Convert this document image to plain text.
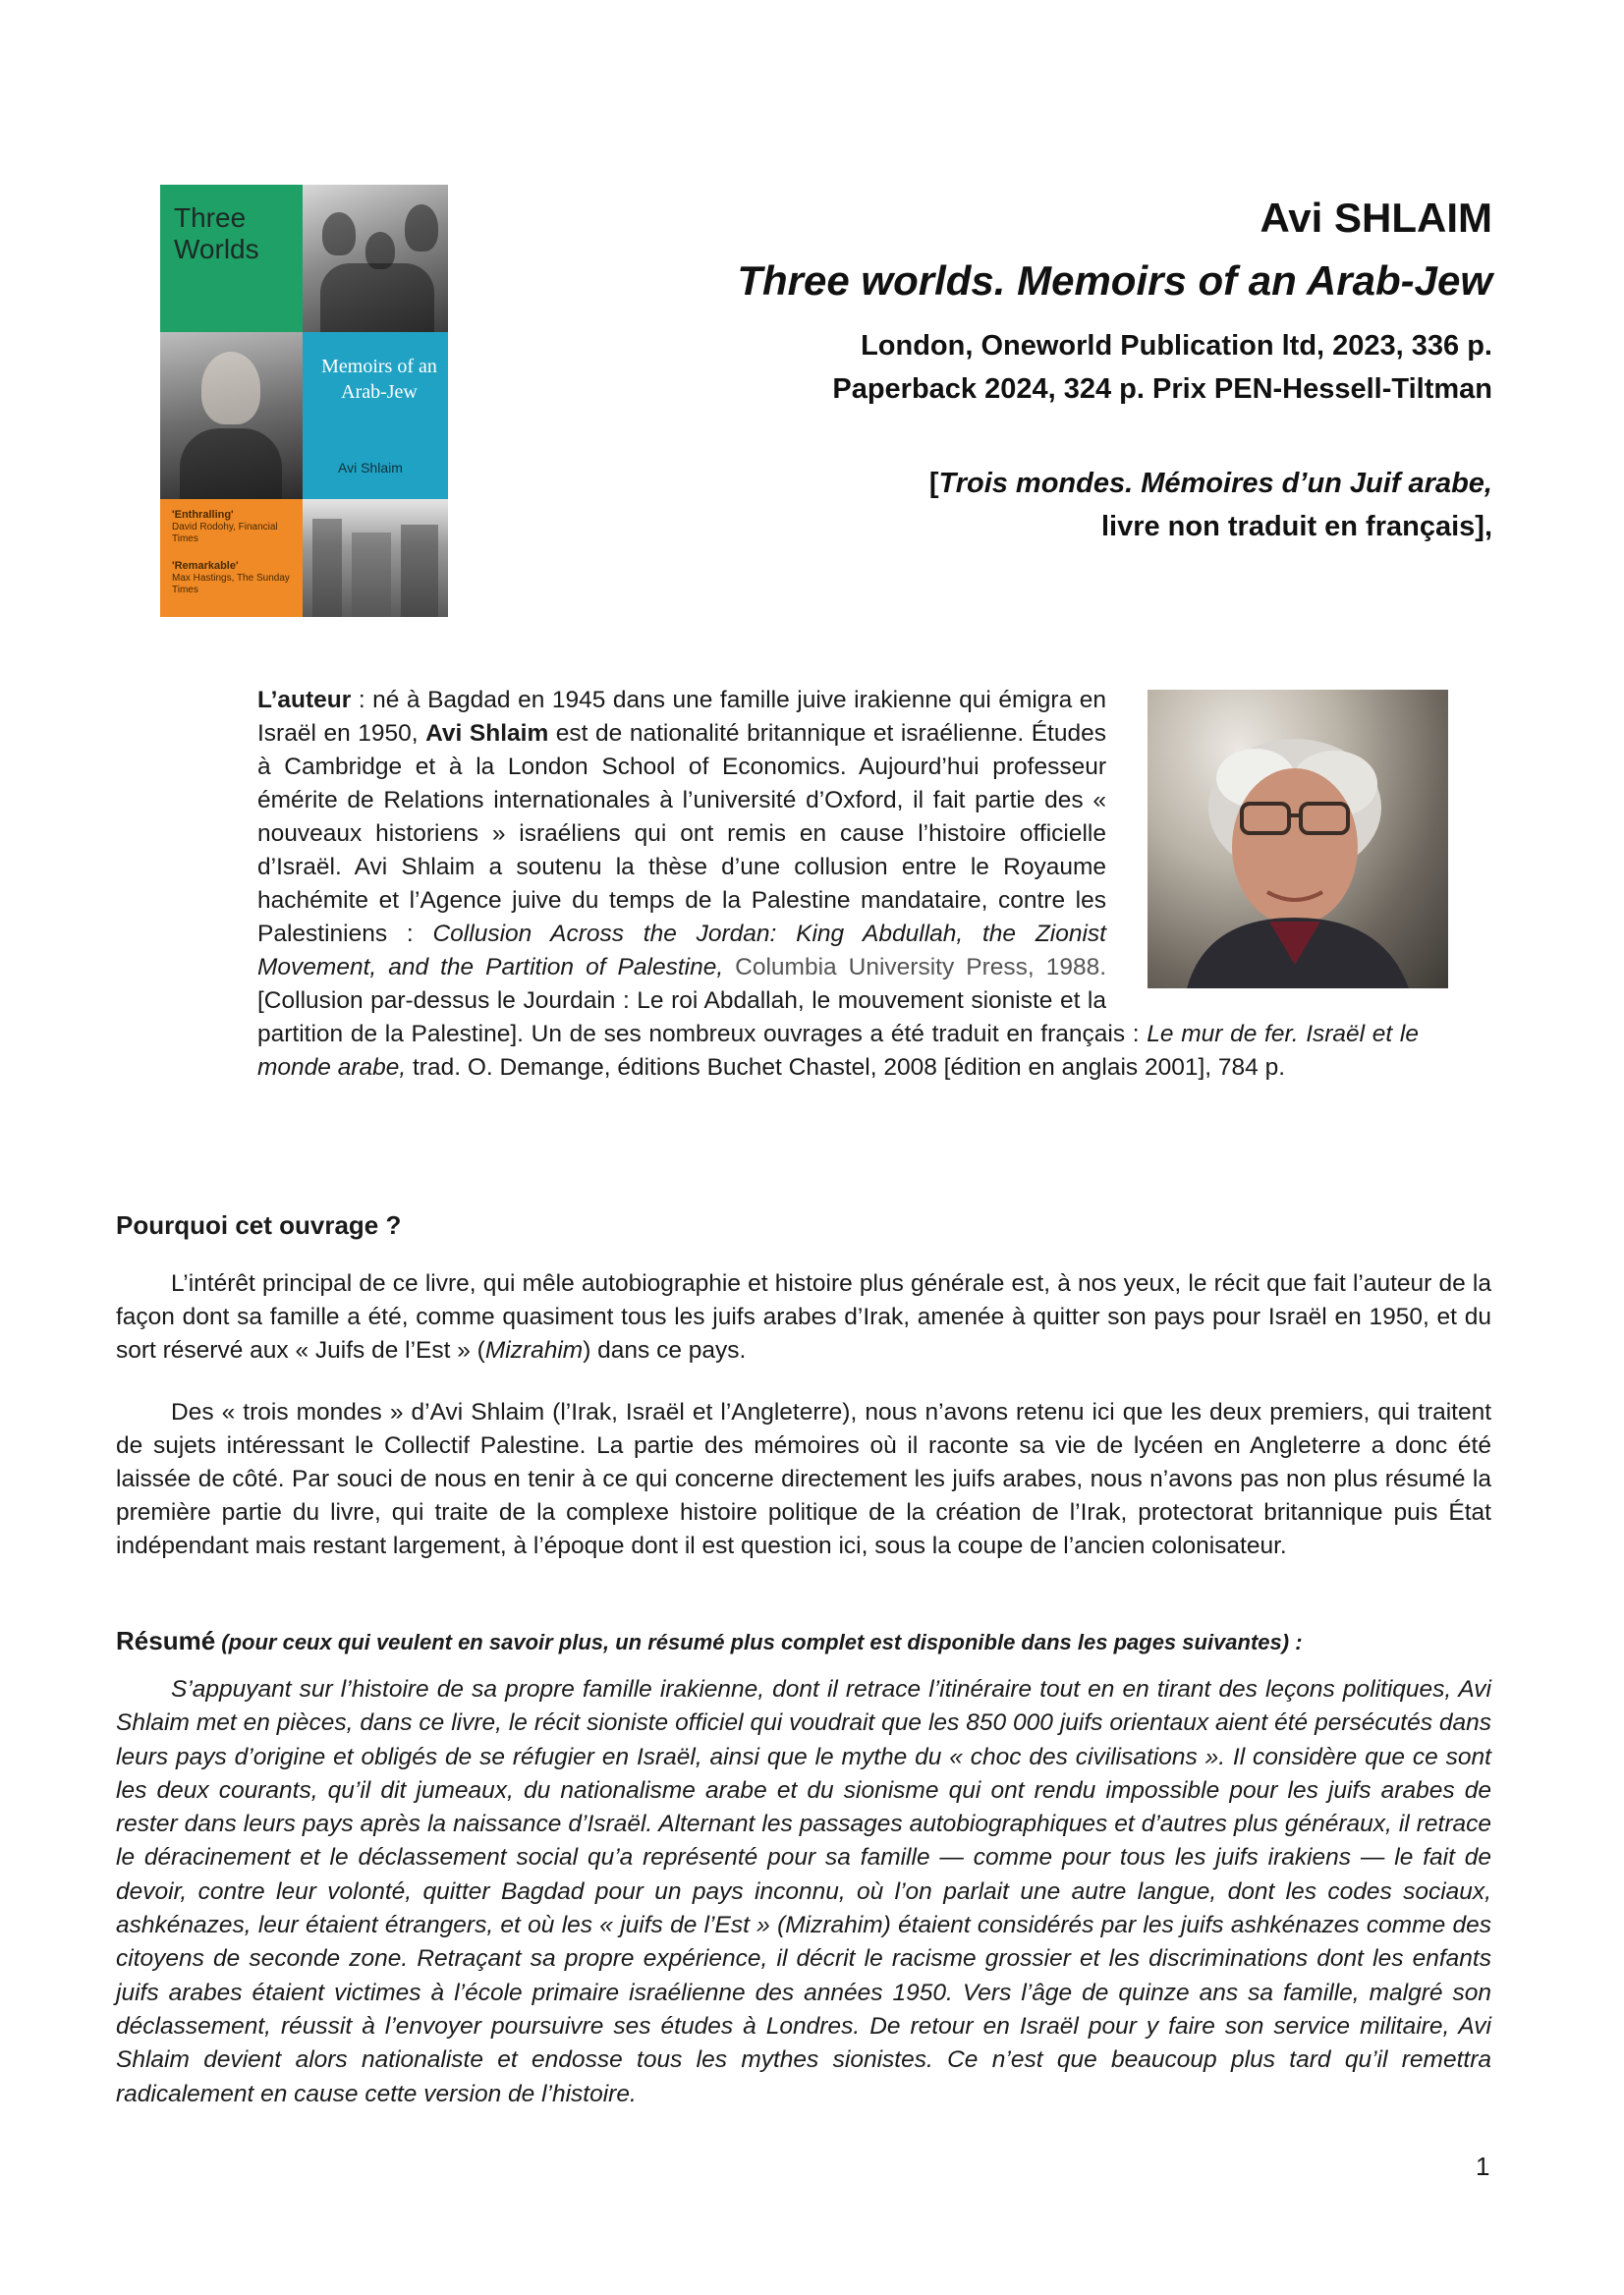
Three Worlds
Memoirs of an Arab-Jew
Avi Shlaim
'Enthralling'
David Rodohy, Financial Times
'Remarkable'
Max Hastings, The Sunday Times
Avi SHLAIM
Three worlds. Memoirs of an Arab-Jew
London, Oneworld Publication ltd, 2023, 336 p.
Paperback 2024, 324 p. Prix PEN-Hessell-Tiltman
[Trois mondes. Mémoires d’un Juif arabe,
livre non traduit en français],
L’auteur : né à Bagdad en 1945 dans une famille juive irakienne qui émigra en Israël en 1950, Avi Shlaim est de nationalité britannique et israélienne. Études à Cambridge et à la London School of Economics. Aujourd’hui professeur émérite de Relations internationales à l’université d’Oxford, il fait partie des « nouveaux historiens » israéliens qui ont remis en cause l’histoire officielle d’Israël. Avi Shlaim a soutenu la thèse d’une collusion entre le Royaume hachémite et l’Agence juive du temps de la Palestine mandataire, contre les Palestiniens : Collusion Across the Jordan: King Abdullah, the Zionist Movement, and the Partition of Palestine, Columbia University Press, 1988. [Collusion par-dessus le Jourdain : Le roi Abdallah, le mouvement sioniste et la partition de la Palestine]. Un de ses nombreux ouvrages a été traduit en français : Le mur de fer. Israël et le monde arabe, trad. O. Demange, éditions Buchet Chastel, 2008 [édition en anglais 2001], 784 p.
Pourquoi cet ouvrage ?
L’intérêt principal de ce livre, qui mêle autobiographie et histoire plus générale est, à nos yeux, le récit que fait l’auteur de la façon dont sa famille a été, comme quasiment tous les juifs arabes d’Irak, amenée à quitter son pays pour Israël en 1950, et du sort réservé aux « Juifs de l’Est » (Mizrahim) dans ce pays.
Des « trois mondes » d’Avi Shlaim (l’Irak, Israël et l’Angleterre), nous n’avons retenu ici que les deux premiers, qui traitent de sujets intéressant le Collectif Palestine. La partie des mémoires où il raconte sa vie de lycéen en Angleterre a donc été laissée de côté. Par souci de nous en tenir à ce qui concerne directement les juifs arabes, nous n’avons pas non plus résumé la première partie du livre, qui traite de la complexe histoire politique de la création de l’Irak, protectorat britannique puis État indépendant mais restant largement, à l’époque dont il est question ici, sous la coupe de l’ancien colonisateur.
Résumé (pour ceux qui veulent en savoir plus, un résumé plus complet est disponible dans les pages suivantes) :
S’appuyant sur l’histoire de sa propre famille irakienne, dont il retrace l’itinéraire tout en en tirant des leçons politiques, Avi Shlaim met en pièces, dans ce livre, le récit sioniste officiel qui voudrait que les 850 000 juifs orientaux aient été persécutés dans leurs pays d’origine et obligés de se réfugier en Israël, ainsi que le mythe du « choc des civilisations ». Il considère que ce sont les deux courants, qu’il dit jumeaux, du nationalisme arabe et du sionisme qui ont rendu impossible pour les juifs arabes de rester dans leurs pays après la naissance d’Israël. Alternant les passages autobiographiques et d’autres plus généraux, il retrace le déracinement et le déclassement social qu’a représenté pour sa famille — comme pour tous les juifs irakiens — le fait de devoir, contre leur volonté, quitter Bagdad pour un pays inconnu, où l’on parlait une autre langue, dont les codes sociaux, ashkénazes, leur étaient étrangers, et où les « juifs de l’Est » (Mizrahim) étaient considérés par les juifs ashkénazes comme des citoyens de seconde zone. Retraçant sa propre expérience, il décrit le racisme grossier et les discriminations dont les enfants juifs arabes étaient victimes à l’école primaire israélienne des années 1950. Vers l’âge de quinze ans sa famille, malgré son déclassement, réussit à l’envoyer poursuivre ses études à Londres. De retour en Israël pour y faire son service militaire, Avi Shlaim devient alors nationaliste et endosse tous les mythes sionistes. Ce n’est que beaucoup plus tard qu’il remettra radicalement en cause cette version de l’histoire.
1
